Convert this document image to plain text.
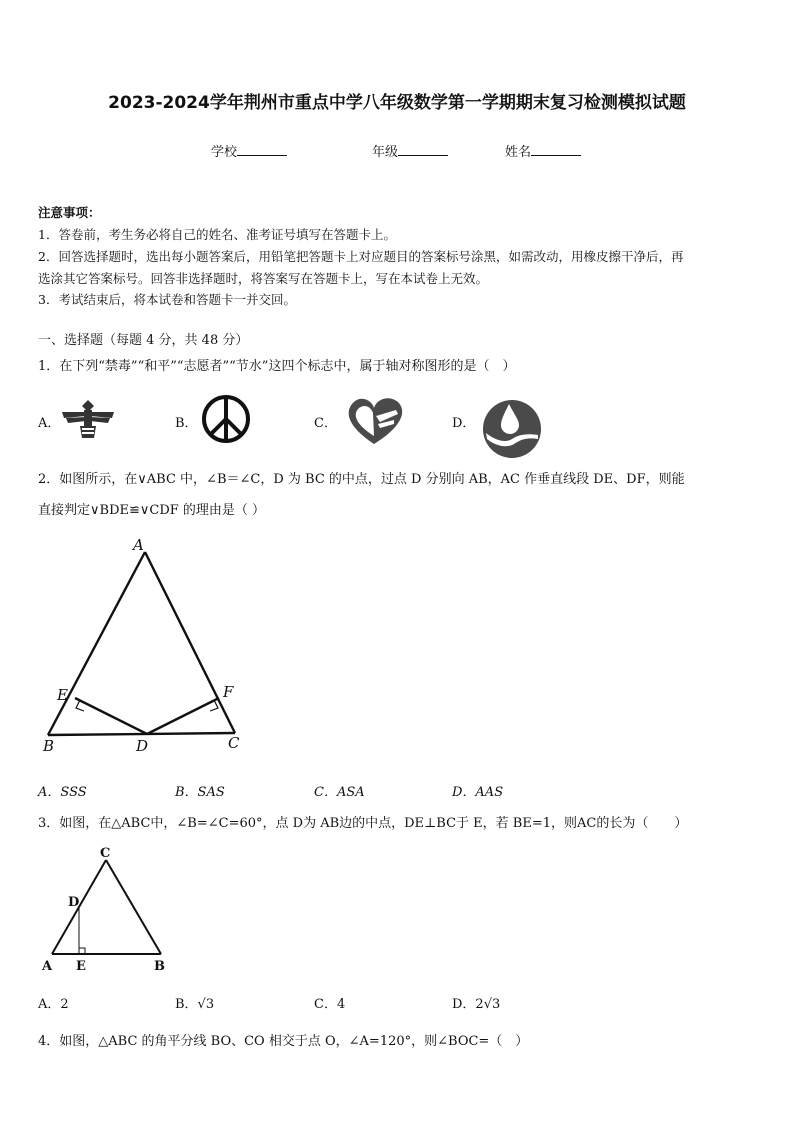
2023-2024学年荆州市重点中学八年级数学第一学期期末复习检测模拟试题
学校	年级	姓名
注意事项：
1．答卷前，考生务必将自己的姓名、准考证号填写在答题卡上。
2．回答选择题时，选出每小题答案后，用铅笔把答题卡上对应题目的答案标号涂黑，如需改动，用橡皮擦干净后，再
选涂其它答案标号。回答非选择题时，将答案写在答题卡上，写在本试卷上无效。
3．考试结束后，将本试卷和答题卡一并交回。
一、选择题（每题 4 分，共 48 分）
1．在下列“禁毒”“和平”“志愿者”“节水”这四个标志中，属于轴对称图形的是（　）
A．	B．	C．	D．
2．如图所示，在∨ABC 中，∠B＝∠C，D 为 BC 的中点，过点 D 分别向 AB，AC 作垂直线段 DE、DF，则能
直接判定∨BDE≌∨CDF 的理由是（ ）
A
E	F
B	D	C
A．SSS	B．SAS	C．ASA	D．AAS
3．如图，在△ABC中，∠B=∠C=60°，点 D为 AB边的中点，DE⊥BC于 E，若 BE=1，则AC的长为（　　）
C
D
A E	B
A．2	B．√3	C．4	D．2√3
4．如图，△ABC 的角平分线 BO、CO 相交于点 O，∠A=120°，则∠BOC=（　）
